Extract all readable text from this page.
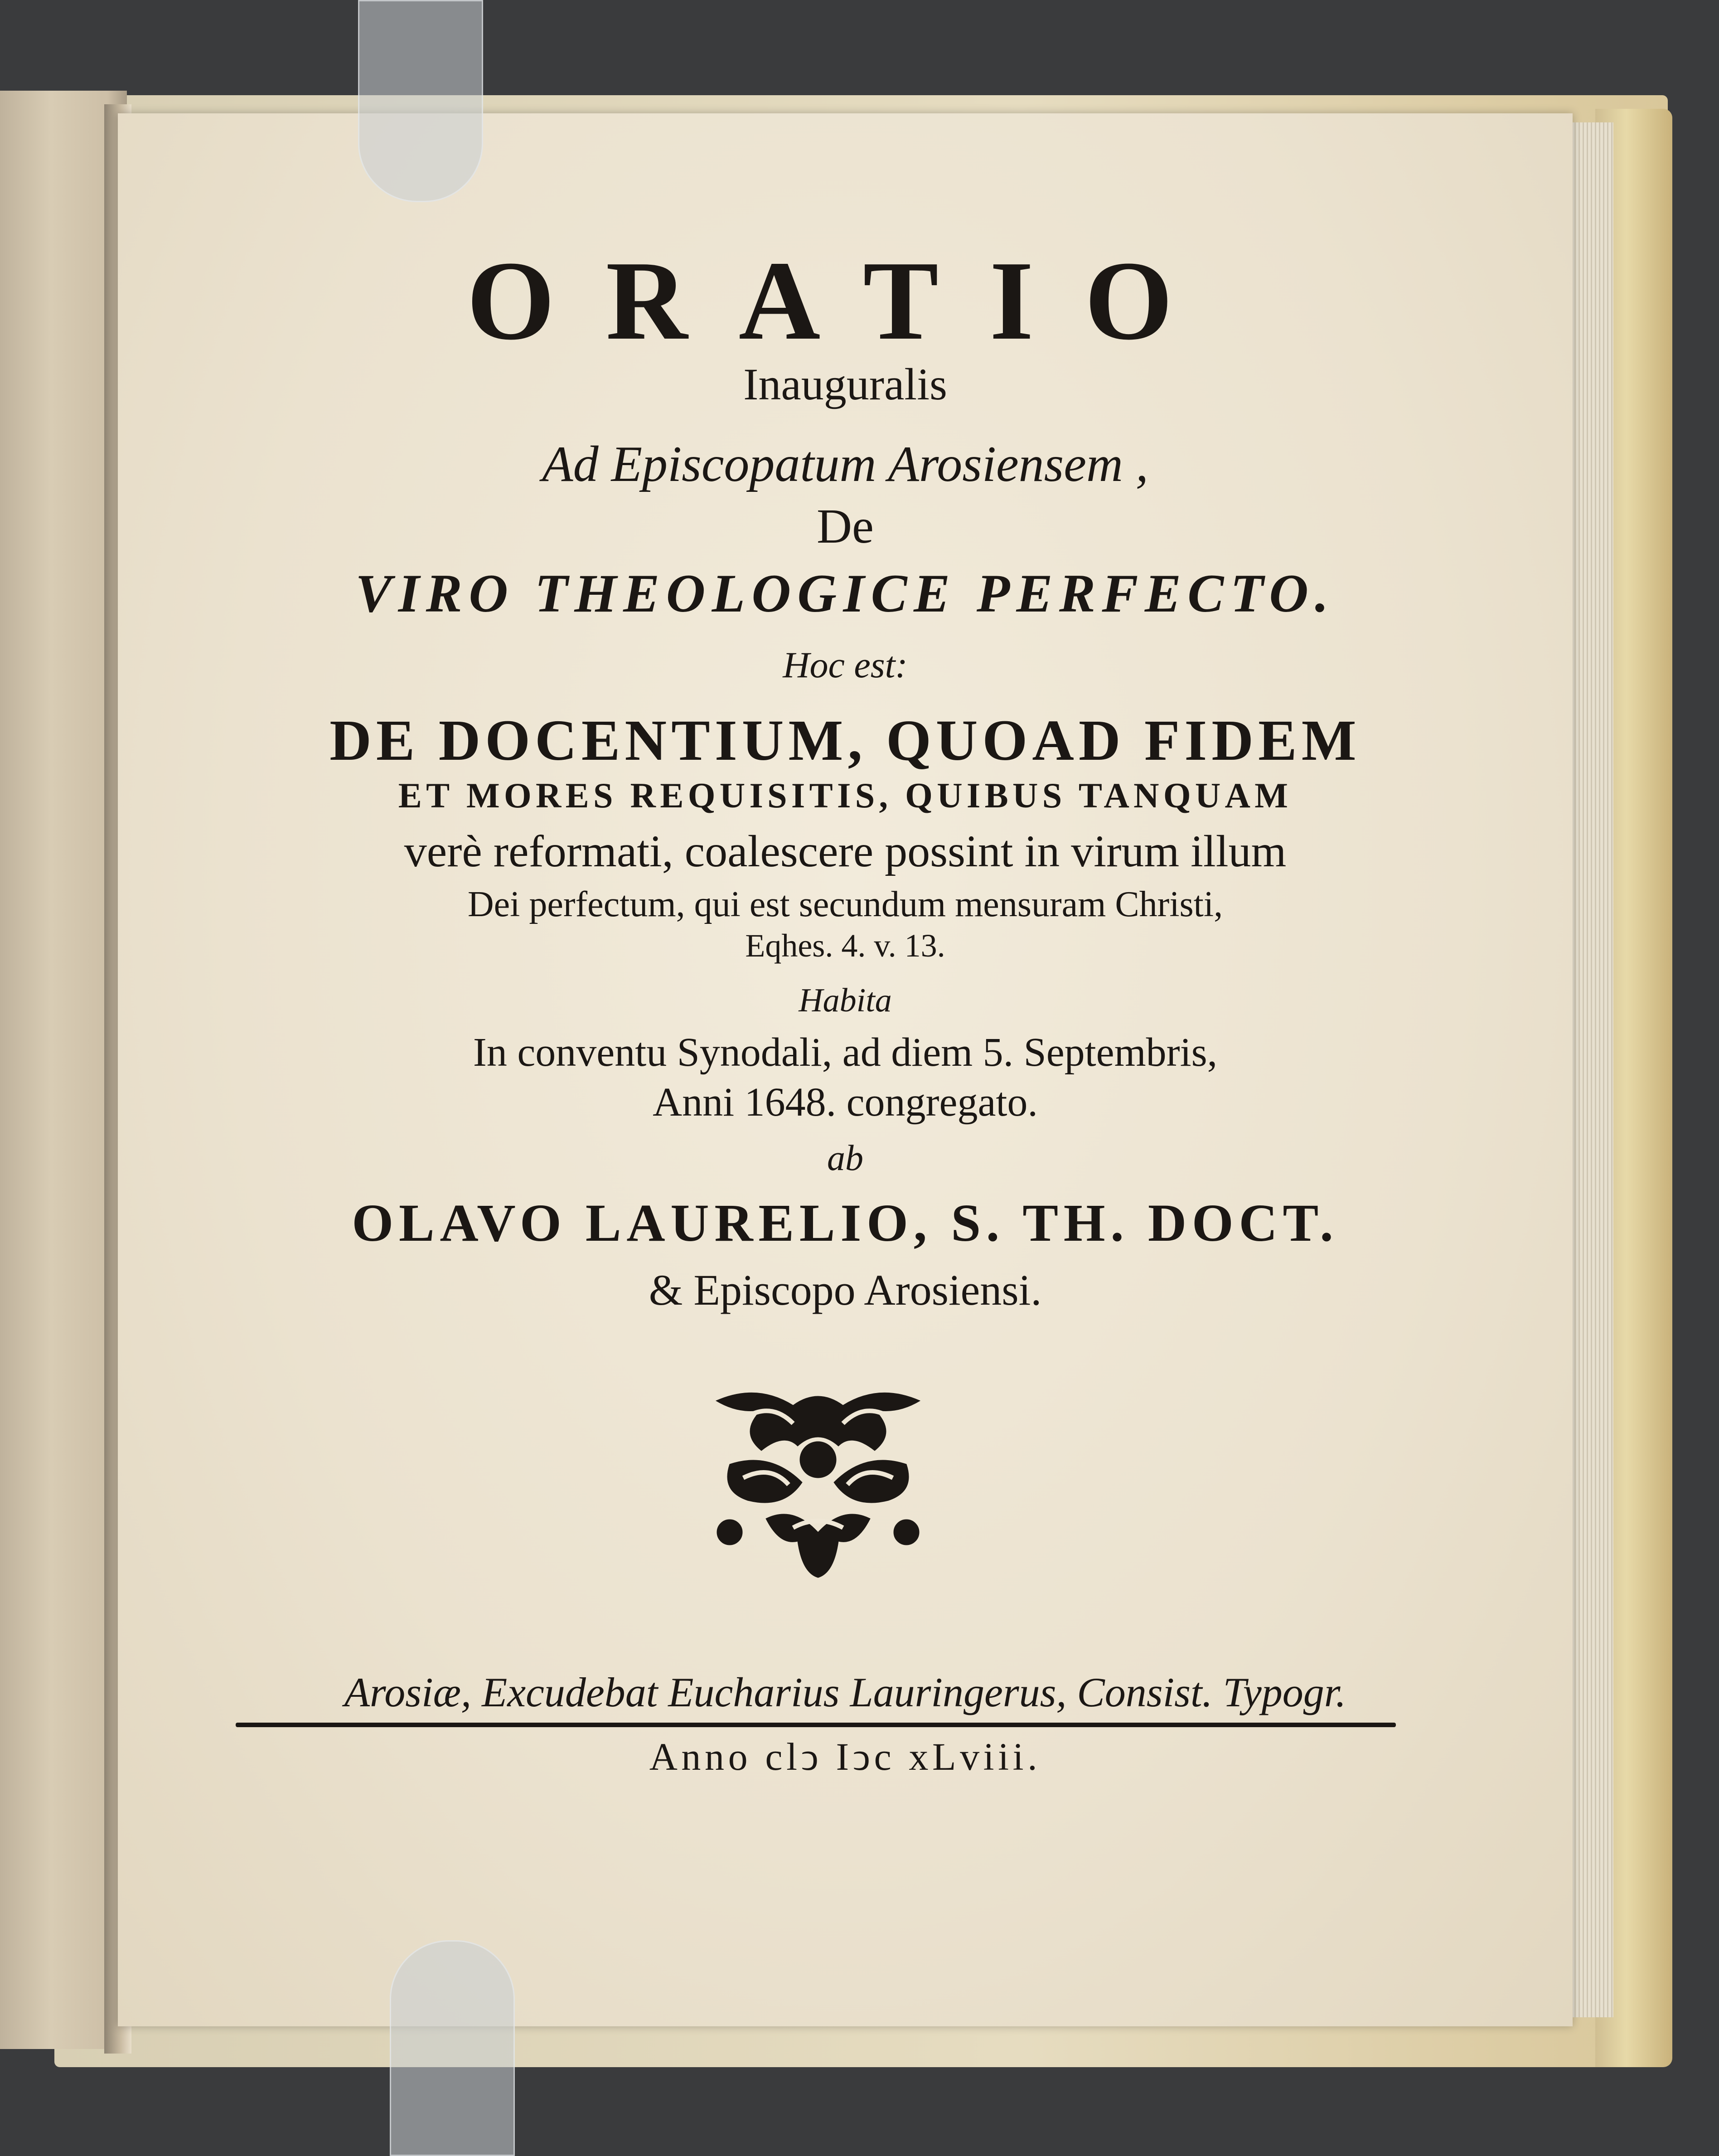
ORATIO
Inauguralis
Ad Episcopatum Arosiensem ,
De
VIRO THEOLOGICE PERFECTO.
Hoc est:
DE DOCENTIUM, QUOAD FIDEM
ET MORES REQUISITIS, QUIBUS TANQUAM
verè reformati, coalescere possint in virum illum
Dei perfectum, qui est secundum mensuram Christi,
Eqhes. 4. v. 13.
Habita
In conventu Synodali, ad diem 5. Septembris,
Anni 1648. congregato.
ab
OLAVO LAURELIO, S. TH. DOCT.
& Episcopo Arosiensi.
Arosiæ, Excudebat Eucharius Lauringerus, Consist. Typogr.
Anno clↄ Iↄc xLviii.
